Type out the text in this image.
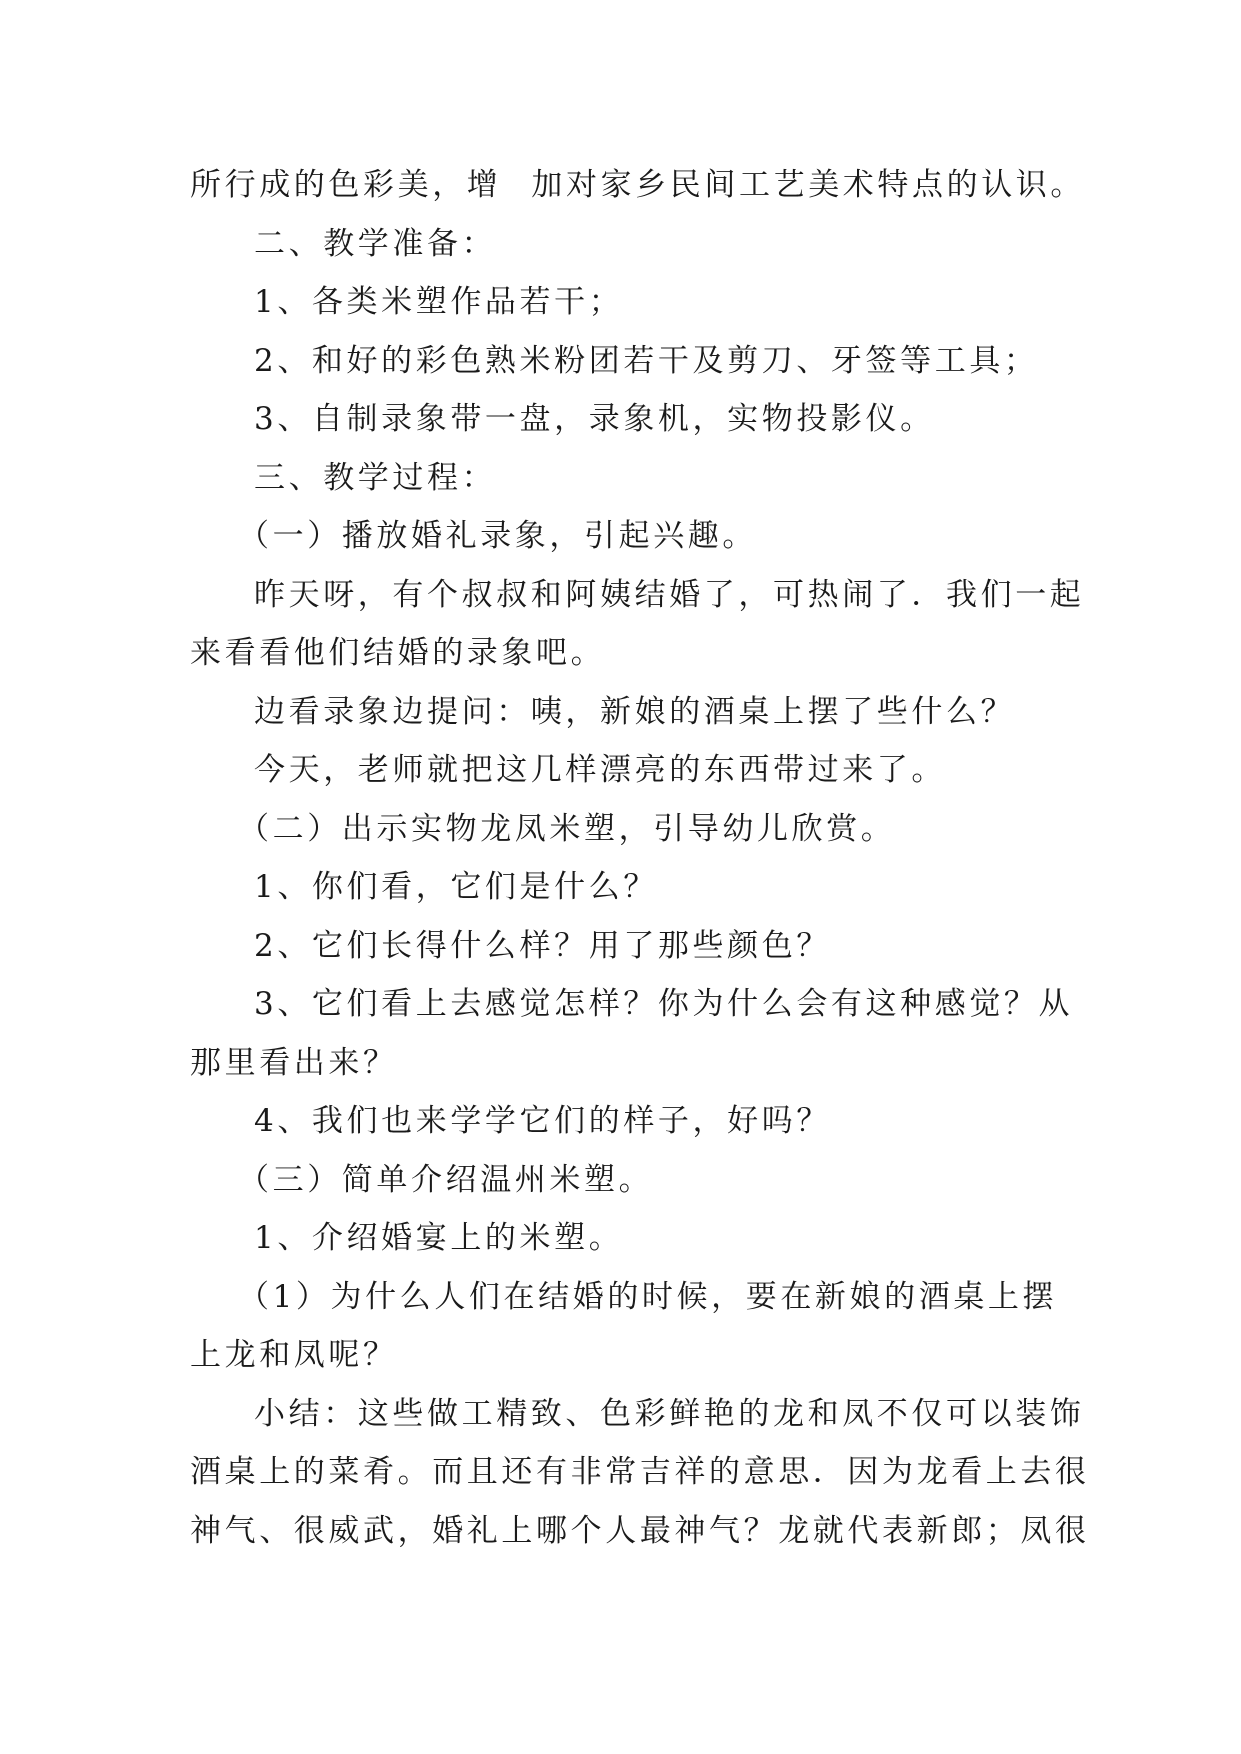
所行成的色彩美，增 加对家乡民间工艺美术特点的认识。
二、教学准备：
1、各类米塑作品若干；
2、和好的彩色熟米粉团若干及剪刀、牙签等工具；
3、自制录象带一盘，录象机，实物投影仪。
三、教学过程：
（一）播放婚礼录象，引起兴趣。
昨天呀，有个叔叔和阿姨结婚了，可热闹了．我们一起
来看看他们结婚的录象吧。
边看录象边提问：咦，新娘的酒桌上摆了些什么？
今天，老师就把这几样漂亮的东西带过来了。
（二）出示实物龙凤米塑，引导幼儿欣赏。
1、你们看，它们是什么？
2、它们长得什么样？用了那些颜色？
3、它们看上去感觉怎样？你为什么会有这种感觉？从
那里看出来？
4、我们也来学学它们的样子，好吗？
（三）简单介绍温州米塑。
1、介绍婚宴上的米塑。
（1）为什么人们在结婚的时候，要在新娘的酒桌上摆
上龙和凤呢？
小结：这些做工精致、色彩鲜艳的龙和凤不仅可以装饰
酒桌上的菜肴。而且还有非常吉祥的意思．因为龙看上去很
神气、很威武，婚礼上哪个人最神气？龙就代表新郎；凤很
